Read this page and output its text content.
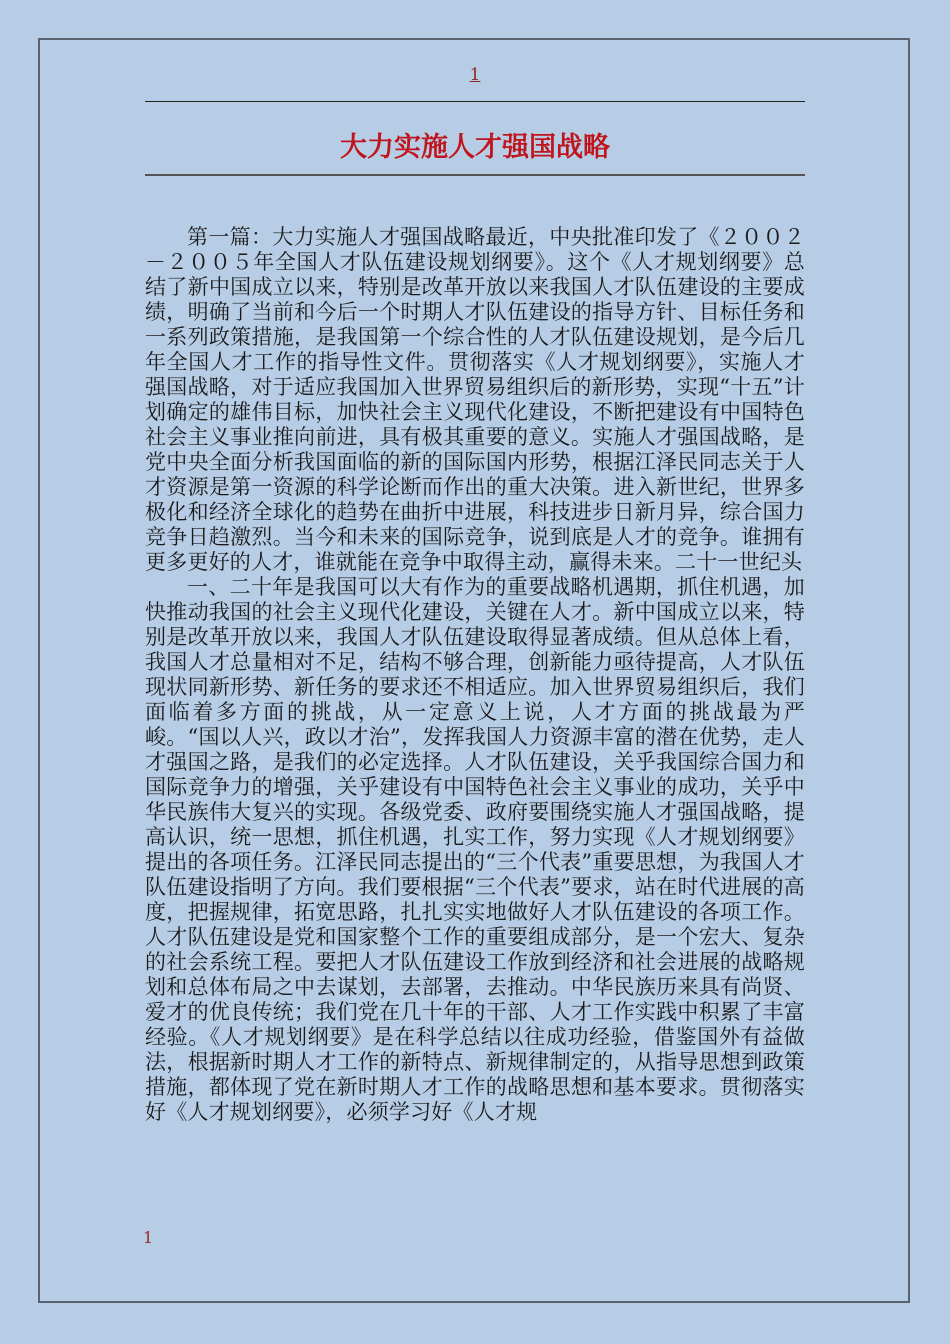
1
大力实施人才强国战略

第一篇：大力实施人才强国战略最近，中央批准印发了《２００２－２００５年全国人才队伍建设规划纲要》。这个《人才规划纲要》总结了新中国成立以来，特别是改革开放以来我国人才队伍建设的主要成绩，明确了当前和今后一个时期人才队伍建设的指导方针、目标任务和一系列政策措施，是我国第一个综合性的人才队伍建设规划，是今后几年全国人才工作的指导性文件。贯彻落实《人才规划纲要》，实施人才强国战略，对于适应我国加入世界贸易组织后的新形势，实现“十五”计划确定的雄伟目标，加快社会主义现代化建设，不断把建设有中国特色社会主义事业推向前进，具有极其重要的意义。实施人才强国战略，是党中央全面分析我国面临的新的国际国内形势，根据江泽民同志关于人才资源是第一资源的科学论断而作出的重大决策。进入新世纪，世界多极化和经济全球化的趋势在曲折中进展，科技进步日新月异，综合国力竞争日趋激烈。当今和未来的国际竞争，说到底是人才的竞争。谁拥有更多更好的人才，谁就能在竞争中取得主动，赢得未来。二十一世纪头

一、二十年是我国可以大有作为的重要战略机遇期，抓住机遇，加快推动我国的社会主义现代化建设，关键在人才。新中国成立以来，特别是改革开放以来，我国人才队伍建设取得显著成绩。但从总体上看，我国人才总量相对不足，结构不够合理，创新能力亟待提高，人才队伍现状同新形势、新任务的要求还不相适应。加入世界贸易组织后，我们面临着多方面的挑战，从一定意义上说，人才方面的挑战最为严峻。“国以人兴，政以才治”，发挥我国人力资源丰富的潜在优势，走人才强国之路，是我们的必定选择。人才队伍建设，关乎我国综合国力和国际竞争力的增强，关乎建设有中国特色社会主义事业的成功，关乎中华民族伟大复兴的实现。各级党委、政府要围绕实施人才强国战略，提高认识，统一思想，抓住机遇，扎实工作，努力实现《人才规划纲要》提出的各项任务。江泽民同志提出的“三个代表”重要思想，为我国人才队伍建设指明了方向。我们要根据“三个代表”要求，站在时代进展的高度，把握规律，拓宽思路，扎扎实实地做好人才队伍建设的各项工作。人才队伍建设是党和国家整个工作的重要组成部分，是一个宏大、复杂的社会系统工程。要把人才队伍建设工作放到经济和社会进展的战略规划和总体布局之中去谋划，去部署，去推动。中华民族历来具有尚贤、爱才的优良传统；我们党在几十年的干部、人才工作实践中积累了丰富经验。《人才规划纲要》是在科学总结以往成功经验，借鉴国外有益做法，根据新时期人才工作的新特点、新规律制定的，从指导思想到政策措施，都体现了党在新时期人才工作的战略思想和基本要求。贯彻落实好《人才规划纲要》，必须学习好《人才规

1
